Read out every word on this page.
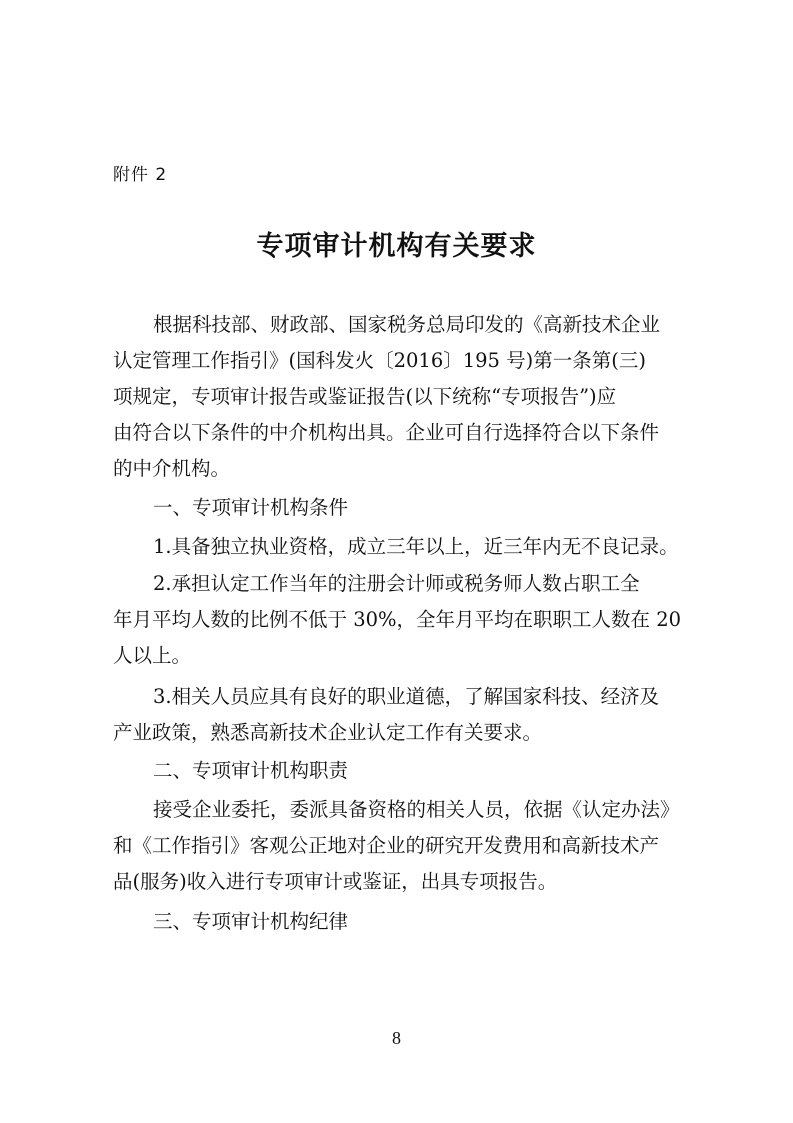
附件 2
专项审计机构有关要求
根据科技部、财政部、国家税务总局印发的《高新技术企业
认定管理工作指引》(国科发火〔2016〕195 号)第一条第(三)
项规定，专项审计报告或鉴证报告(以下统称“专项报告”)应
由符合以下条件的中介机构出具。企业可自行选择符合以下条件
的中介机构。
一、专项审计机构条件
1.具备独立执业资格，成立三年以上，近三年内无不良记录。
2.承担认定工作当年的注册会计师或税务师人数占职工全
年月平均人数的比例不低于 30%，全年月平均在职职工人数在 20
人以上。
3.相关人员应具有良好的职业道德，了解国家科技、经济及
产业政策，熟悉高新技术企业认定工作有关要求。
二、专项审计机构职责
接受企业委托，委派具备资格的相关人员，依据《认定办法》
和《工作指引》客观公正地对企业的研究开发费用和高新技术产
品(服务)收入进行专项审计或鉴证，出具专项报告。
三、专项审计机构纪律
8
